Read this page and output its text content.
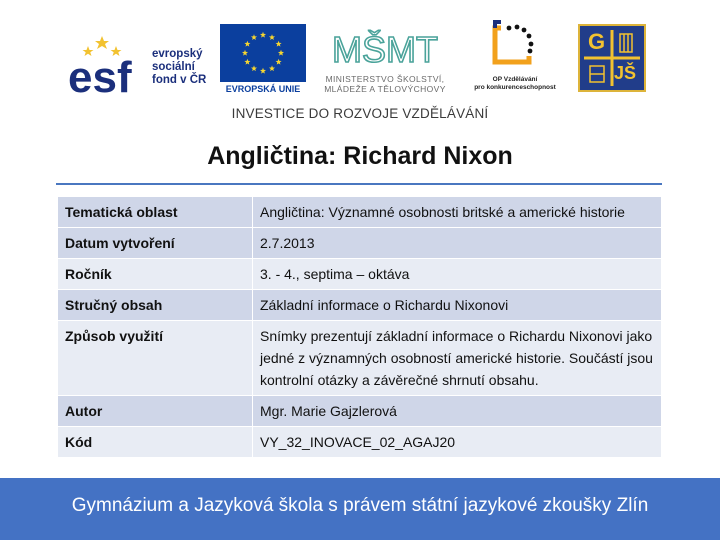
esf evropský
sociální
fond v ČR
EVROPSKÁ UNIE
MŠMT
MINISTERSTVO ŠKOLSTVÍ,
MLÁDEŽE A TĚLOVÝCHOVY
OP Vzdělávání
pro konkurenceschopnost
G
JŠ
INVESTICE DO ROZVOJE VZDĚLÁVÁNÍ
Angličtina: Richard Nixon
Tematická oblast	Angličtina: Významné osobnosti britské a americké historie
Datum vytvoření	2.7.2013
Ročník	3. - 4., septima – oktáva
Stručný obsah	Základní informace o Richardu Nixonovi
Způsob využití	Snímky prezentují základní informace o Richardu Nixonovi jako jedné z významných osobností americké historie. Součástí jsou kontrolní otázky a závěrečné shrnutí obsahu.
Autor	Mgr. Marie Gajzlerová
Kód	VY_32_INOVACE_02_AGAJ20
Gymnázium a Jazyková škola s právem státní jazykové zkoušky Zlín
